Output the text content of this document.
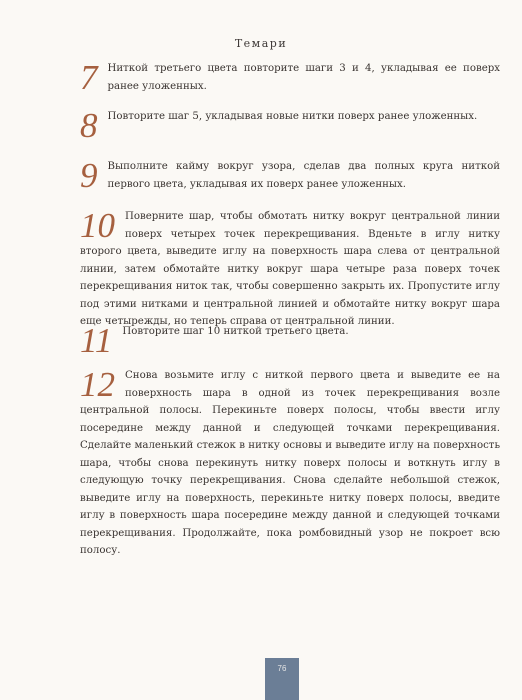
Темари
7 Ниткой третьего цвета повторите шаги 3 и 4, укладывая ее поверх ранее уложенных.
8 Повторите шаг 5, укладывая новые нитки поверх ранее уложенных.
9 Выполните кайму вокруг узора, сделав два полных круга ниткой первого цвета, укладывая их поверх ранее уложенных.
10 Поверните шар, чтобы обмотать нитку вокруг центральной линии поверх четырех точек перекрещивания. Вденьте в иглу нитку второго цвета, выведите иглу на поверхность шара слева от центральной линии, затем обмотайте нитку вокруг шара четыре раза поверх точек перекрещивания ниток так, чтобы совершенно закрыть их. Пропустите иглу под этими нитками и центральной линией и обмотайте нитку вокруг шара еще четырежды, но теперь справа от центральной линии.
11 Повторите шаг 10 ниткой третьего цвета.
12 Снова возьмите иглу с ниткой первого цвета и выведите ее на поверхность шара в одной из точек перекрещивания возле центральной полосы. Перекиньте поверх полосы, чтобы ввести иглу посередине между данной и следующей точками перекрещивания. Сделайте маленький стежок в нитку основы и выведите иглу на поверхность шара, чтобы снова перекинуть нитку поверх полосы и воткнуть иглу в следующую точку перекрещивания. Снова сделайте небольшой стежок, выведите иглу на поверхность, перекиньте нитку поверх полосы, введите иглу в поверхность шара посередине между данной и следующей точками перекрещивания. Продолжайте, пока ромбовидный узор не покроет всю полосу.
76
